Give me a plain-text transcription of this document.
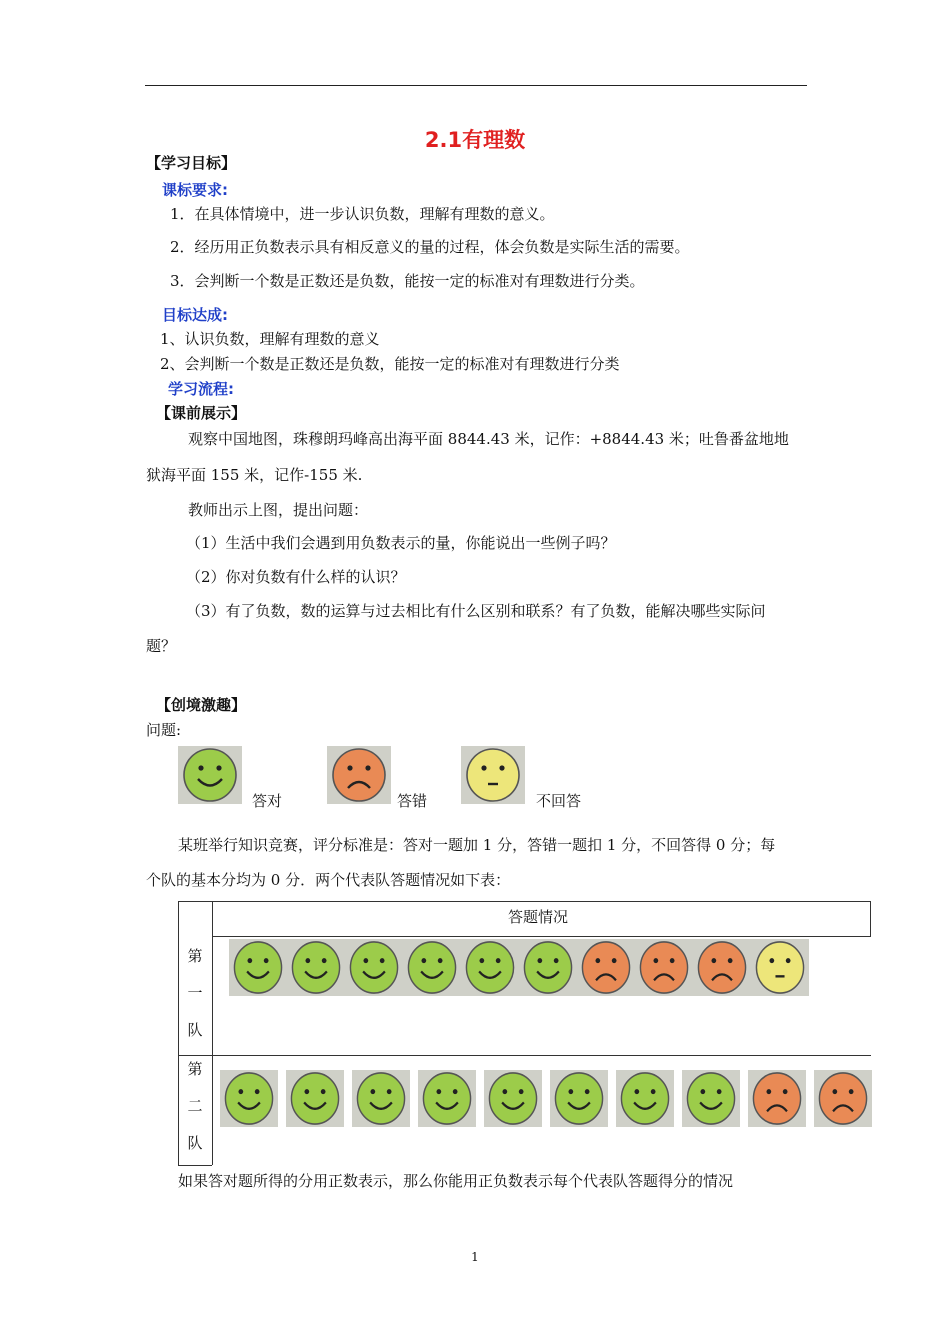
2.1有理数
【学习目标】
课标要求:
1．在具体情境中，进一步认识负数，理解有理数的意义。
2．经历用正负数表示具有相反意义的量的过程，体会负数是实际生活的需要。
3．会判断一个数是正数还是负数，能按一定的标准对有理数进行分类。
目标达成:
1、认识负数，理解有理数的意义
2、会判断一个数是正数还是负数，能按一定的标准对有理数进行分类
学习流程:
【课前展示】
观察中国地图，珠穆朗玛峰高出海平面 8844.43 米，记作：+8844.43 米；吐鲁番盆地地
狱海平面 155 米，记作-155 米.
教师出示上图，提出问题：
（1）生活中我们会遇到用负数表示的量，你能说出一些例子吗？
（2）你对负数有什么样的认识？
（3）有了负数，数的运算与过去相比有什么区别和联系？有了负数，能解决哪些实际问
题？
【创境激趣】
问题:
答对	答错	不回答
某班举行知识竞赛，评分标准是：答对一题加 1 分，答错一题扣 1 分，不回答得 0 分；每
个队的基本分均为 0 分．两个代表队答题情况如下表：
答题情况
第
一
队
第
二
队
如果答对题所得的分用正数表示，那么你能用正负数表示每个代表队答题得分的情况
1
